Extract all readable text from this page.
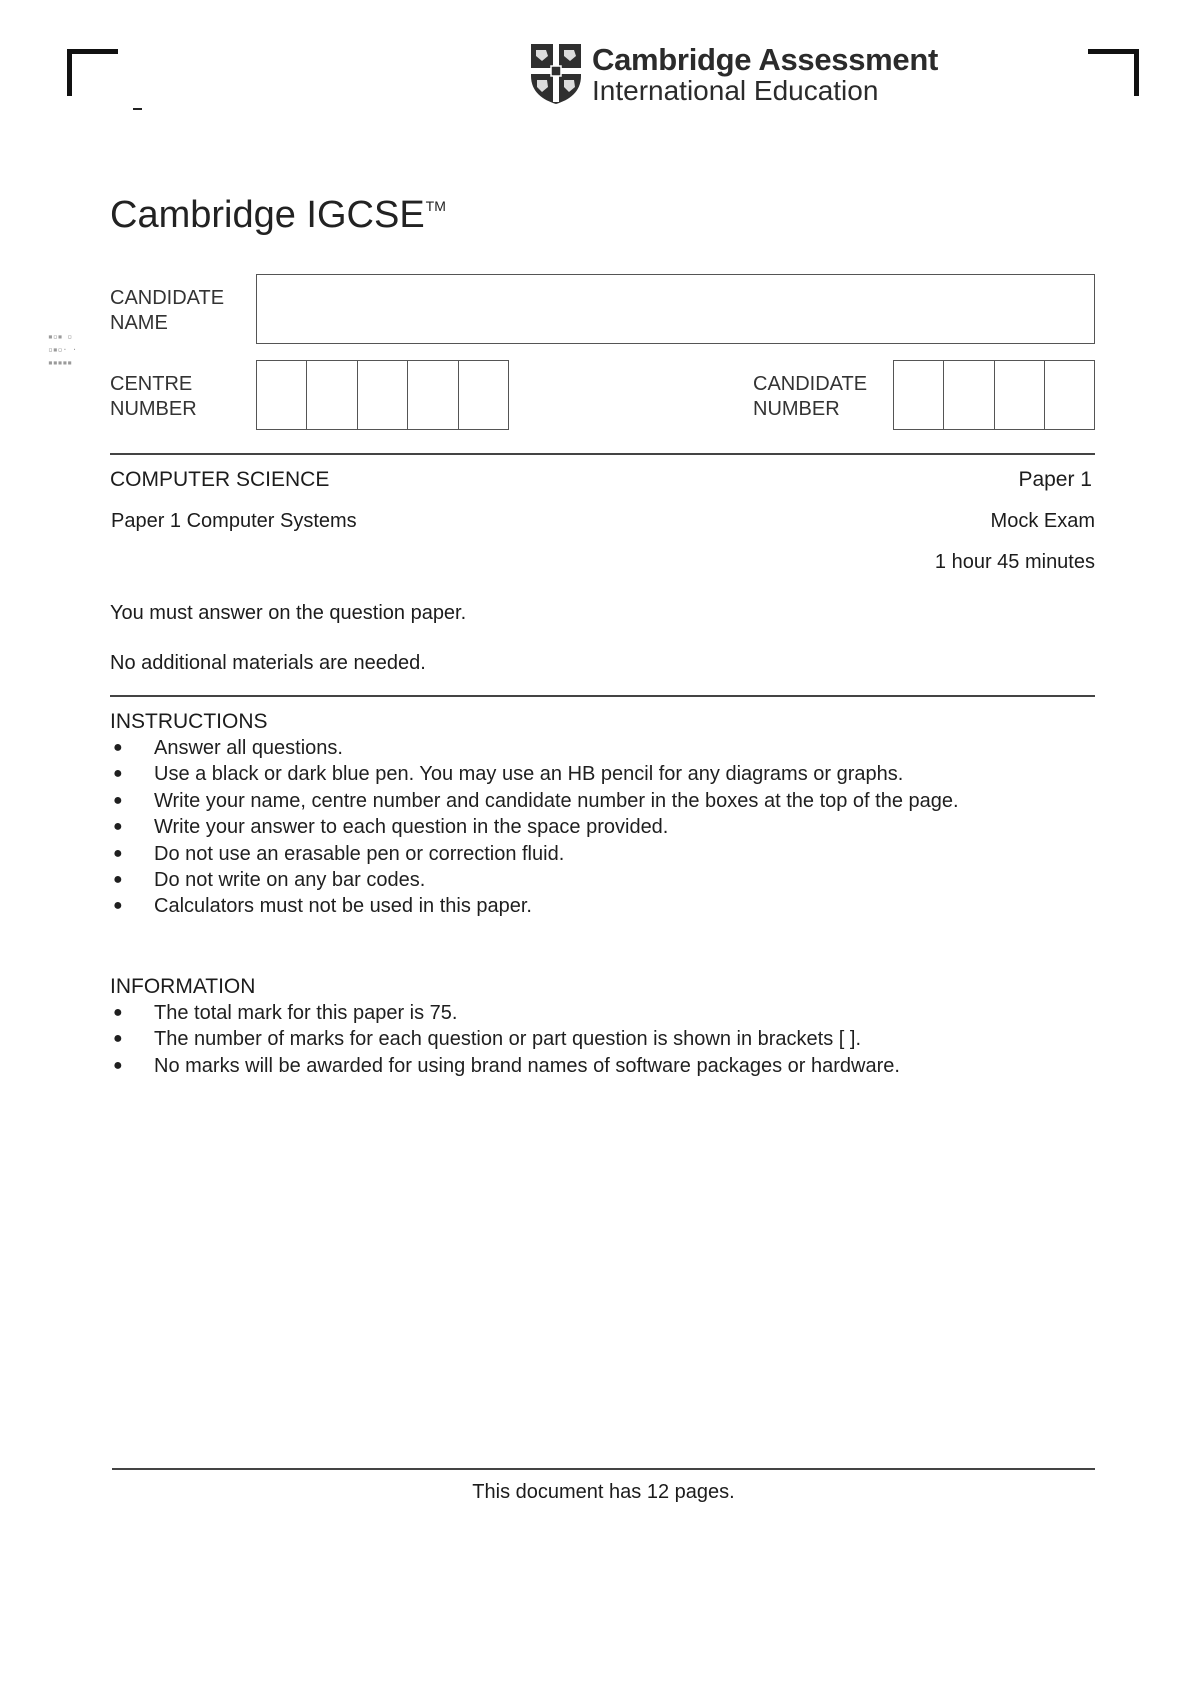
Cambridge Assessment
International Education
▪▫▪ ▫
▫▪▫· ·
▪▪▪▪▪
Cambridge IGCSE™
CANDIDATE
NAME
CENTRE
NUMBER
CANDIDATE
NUMBER
COMPUTER SCIENCE	Paper 1
Paper 1 Computer Systems	Mock Exam
1 hour 45 minutes
You must answer on the question paper.
No additional materials are needed.
INSTRUCTIONS
● Answer all questions.
● Use a black or dark blue pen. You may use an HB pencil for any diagrams or graphs.
● Write your name, centre number and candidate number in the boxes at the top of the page.
● Write your answer to each question in the space provided.
● Do not use an erasable pen or correction fluid.
● Do not write on any bar codes.
● Calculators must not be used in this paper.
INFORMATION
● The total mark for this paper is 75.
● The number of marks for each question or part question is shown in brackets [ ].
● No marks will be awarded for using brand names of software packages or hardware.
This document has 12 pages.
